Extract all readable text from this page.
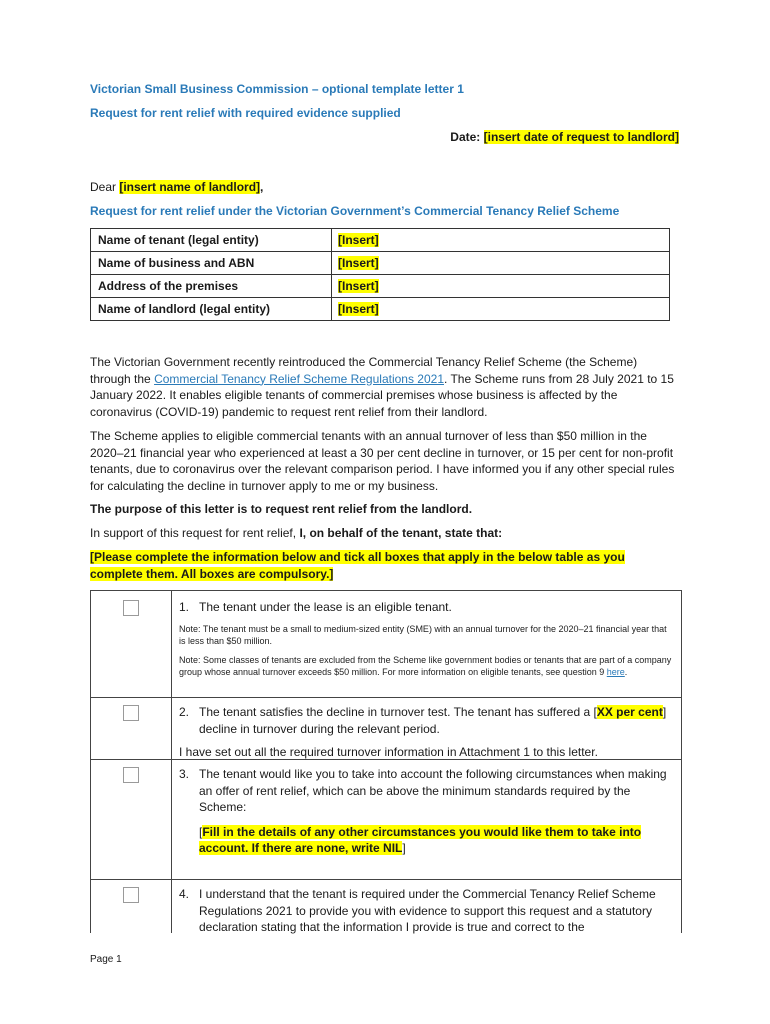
Victorian Small Business Commission – optional template letter 1
Request for rent relief with required evidence supplied
Date: [insert date of request to landlord]
Dear [insert name of landlord],
Request for rent relief under the Victorian Government’s Commercial Tenancy Relief Scheme
Name of tenant (legal entity)	[Insert]
Name of business and ABN	[Insert]
Address of the premises	[Insert]
Name of landlord (legal entity)	[Insert]
The Victorian Government recently reintroduced the Commercial Tenancy Relief Scheme (the Scheme) through the Commercial Tenancy Relief Scheme Regulations 2021. The Scheme runs from 28 July 2021 to 15 January 2022. It enables eligible tenants of commercial premises whose business is affected by the coronavirus (COVID-19) pandemic to request rent relief from their landlord.
The Scheme applies to eligible commercial tenants with an annual turnover of less than $50 million in the 2020–21 financial year who experienced at least a 30 per cent decline in turnover, or 15 per cent for non-profit tenants, due to coronavirus over the relevant comparison period. I have informed you if any other special rules for calculating the decline in turnover apply to me or my business.
The purpose of this letter is to request rent relief from the landlord.
In support of this request for rent relief, I, on behalf of the tenant, state that:
[Please complete the information below and tick all boxes that apply in the below table as you
complete them. All boxes are compulsory.]
1. The tenant under the lease is an eligible tenant.
Note: The tenant must be a small to medium-sized entity (SME) with an annual turnover for the 2020–21 financial year that is less than $50 million.
Note: Some classes of tenants are excluded from the Scheme like government bodies or tenants that are part of a company group whose annual turnover exceeds $50 million. For more information on eligible tenants, see question 9 here.
2. The tenant satisfies the decline in turnover test. The tenant has suffered a [XX per cent] decline in turnover during the relevant period.
I have set out all the required turnover information in Attachment 1 to this letter.
3. The tenant would like you to take into account the following circumstances when making an offer of rent relief, which can be above the minimum standards required by the Scheme:
[Fill in the details of any other circumstances you would like them to take into account. If there are none, write NIL]
4. I understand that the tenant is required under the Commercial Tenancy Relief Scheme Regulations 2021 to provide you with evidence to support this request and a statutory declaration stating that the information I provide is true and correct to the
Page 1
